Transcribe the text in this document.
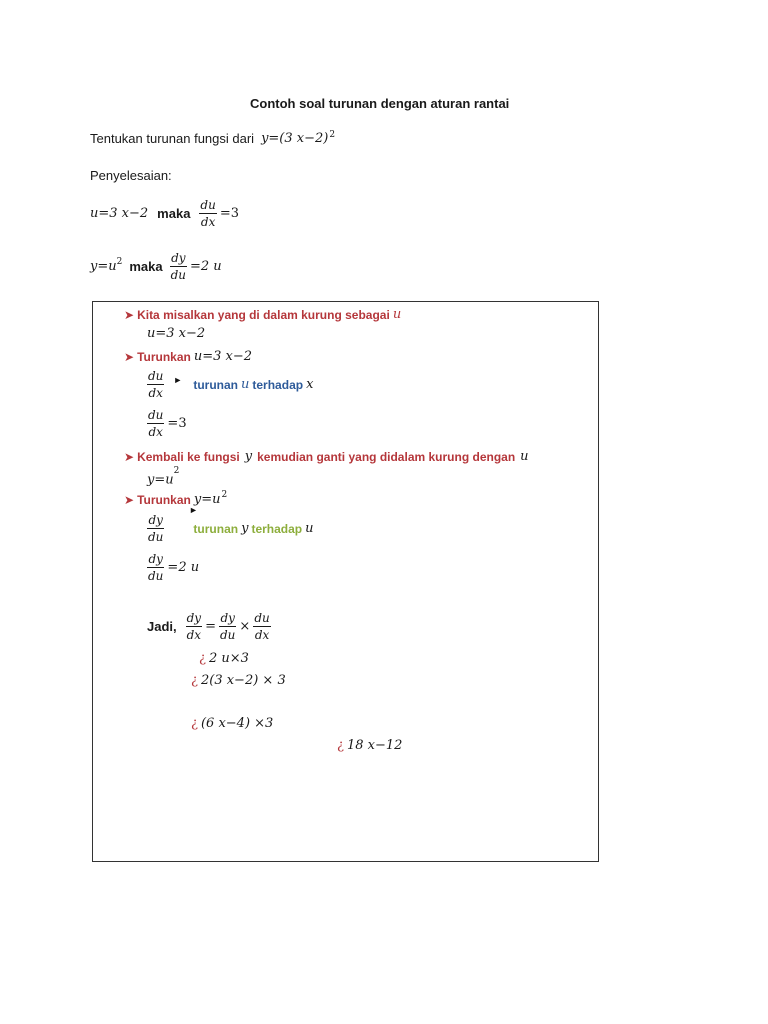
Contoh soal turunan dengan aturan rantai
Tentukan turunan fungsi dari y=(3 x−2)$^2$
Penyelesaian:
u=3 x−2 maka $\frac{du}{dx} =3$
$y=u^2$ maka $\frac{dy}{du} =2$ u
➤ Kita misalkan yang di dalam kurung sebagai u
u=3 x−2
➤ Turunkan u=3 x−2
$\frac{du}{dx}$ ► turunan u terhadap x
$\frac{du}{dx} =3$
➤ Kembali ke fungsi y kemudian ganti yang didalam kurung dengan u
$y=u^2$
➤ Turunkan $y=u^2$
►
$\frac{dy}{du}$ turunan y terhadap u
$\frac{dy}{du} =2$ u
Jadi, $\frac{dy}{dx} = \frac{dy}{du} \times \frac{du}{dx}$
¿ 2 u×3
¿ 2(3 x−2) × 3
¿ (6 x−4) ×3
¿ 18 x−12
